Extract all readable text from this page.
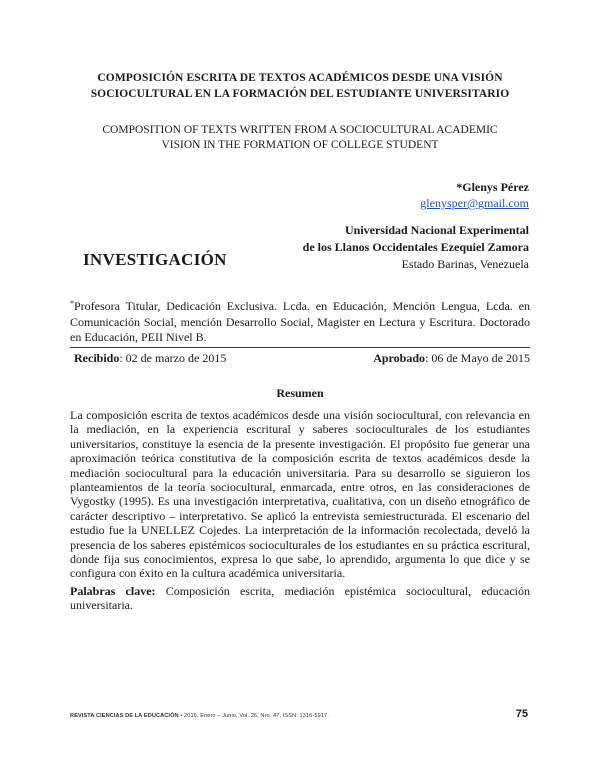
COMPOSICIÓN ESCRITA DE TEXTOS ACADÉMICOS DESDE UNA VISIÓN
SOCIOCULTURAL EN LA FORMACIÓN DEL ESTUDIANTE UNIVERSITARIO
COMPOSITION OF TEXTS WRITTEN FROM A SOCIOCULTURAL ACADEMIC
VISION IN THE FORMATION OF COLLEGE STUDENT
*Glenys Pérez
glenysper@gmail.com
Universidad Nacional Experimental
de los Llanos Occidentales Ezequiel Zamora
Estado Barinas, Venezuela
INVESTIGACIÓN
*Profesora Titular, Dedicación Exclusiva. Lcda. en Educación, Mención Lengua, Lcda. en Comunicación Social, mención Desarrollo Social, Magister en Lectura y Escritura. Doctorado en Educación, PEII Nivel B.
Recibido: 02 de marzo de 2015	Aprobado: 06 de Mayo de 2015
Resumen
La composición escrita de textos académicos desde una visión sociocultural, con relevancia en la mediación, en la experiencia escritural y saberes socioculturales de los estudiantes universitarios, constituye la esencia de la presente investigación. El propósito fue generar una aproximación teórica constitutiva de la composición escrita de textos académicos desde la mediación sociocultural para la educación universitaria. Para su desarrollo se siguieron los planteamientos de la teoría sociocultural, enmarcada, entre otros, en las consideraciones de Vygostky (1995). Es una investigación interpretativa, cualitativa, con un diseño etnográfico de carácter descriptivo – interpretativo. Se aplicó la entrevista semiestructurada. El escenario del estudio fue la UNELLEZ Cojedes. La interpretación de la información recolectada, develó la presencia de los saberes epistémicos socioculturales de los estudiantes en su práctica escritural, donde fija sus conocimientos, expresa lo que sabe, lo aprendido, argumenta lo que dice y se configura con éxito en la cultura académica universitaria.
Palabras clave: Composición escrita, mediación epistémica sociocultural, educación universitaria.
REVISTA CIENCIAS DE LA EDUCACIÓN • 2016, Enero – Junio, Vol. 26, Nro. 47, ISSN: 1316-5917.	75
